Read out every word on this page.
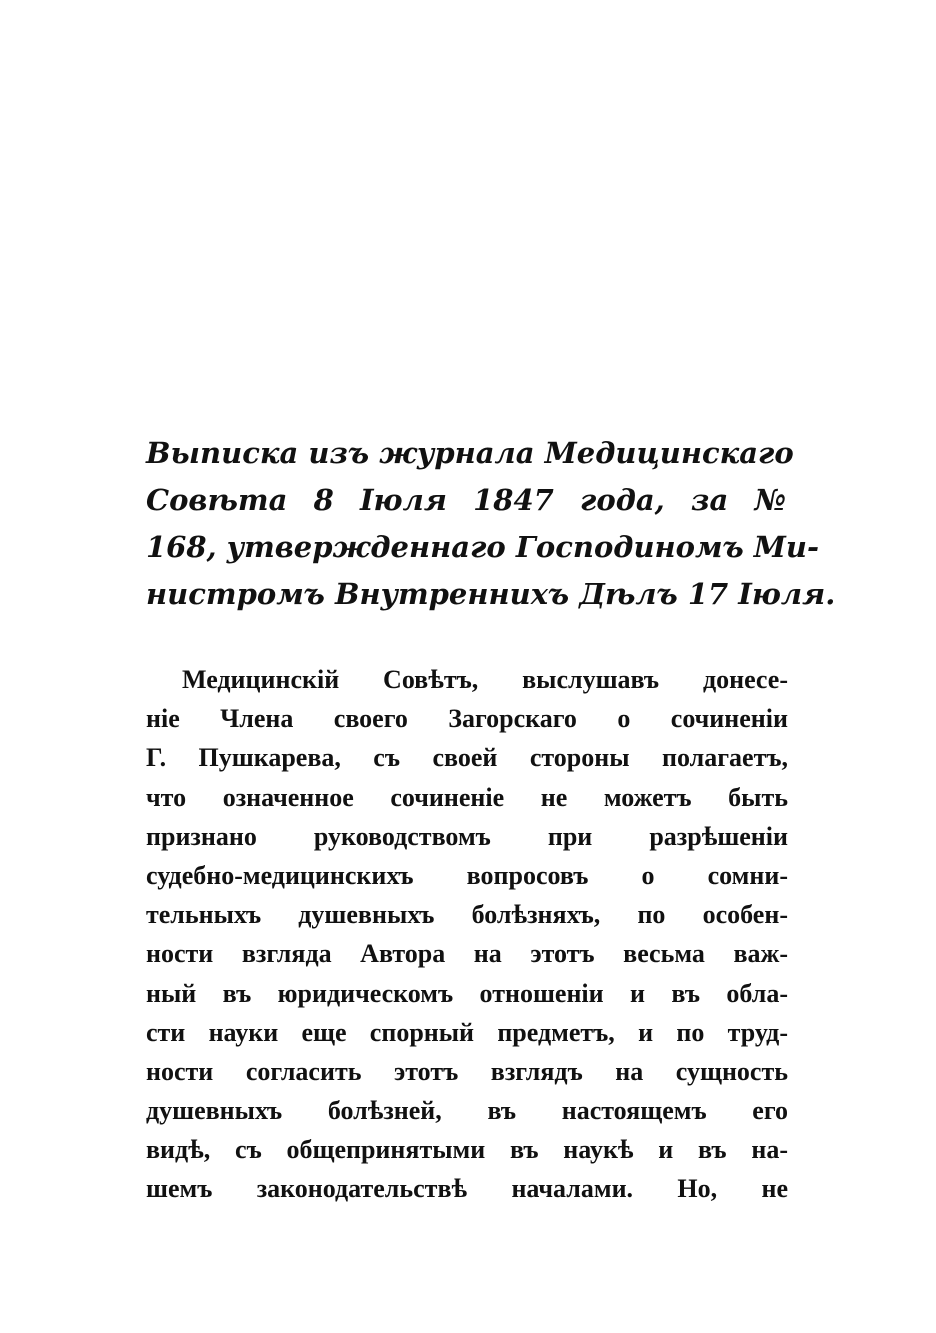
Выписка изъ журнала Медицинскаго
Совѣта 8 Іюля 1847 года, за №
168, утвержденнаго Господиномъ Ми-
нистромъ Внутреннихъ Дѣлъ 17 Іюля.
Медицинскій Совѣтъ, выслушавъ донесе-
ніе Члена своего Загорскаго о сочиненіи
Г. Пушкарева, съ своей стороны полагаетъ,
что означенное сочиненіе не можетъ быть
признано руководствомъ при разрѣшеніи
судебно-медицинскихъ вопросовъ о сомни-
тельныхъ душевныхъ болѣзняхъ, по особен-
ности взгляда Автора на этотъ весьма важ-
ный въ юридическомъ отношеніи и въ обла-
сти науки еще спорный предметъ, и по труд-
ности согласить этотъ взглядъ на сущность
душевныхъ болѣзней, въ настоящемъ его
видѣ, съ общепринятыми въ наукѣ и въ на-
шемъ законодательствѣ началами. Но, не
